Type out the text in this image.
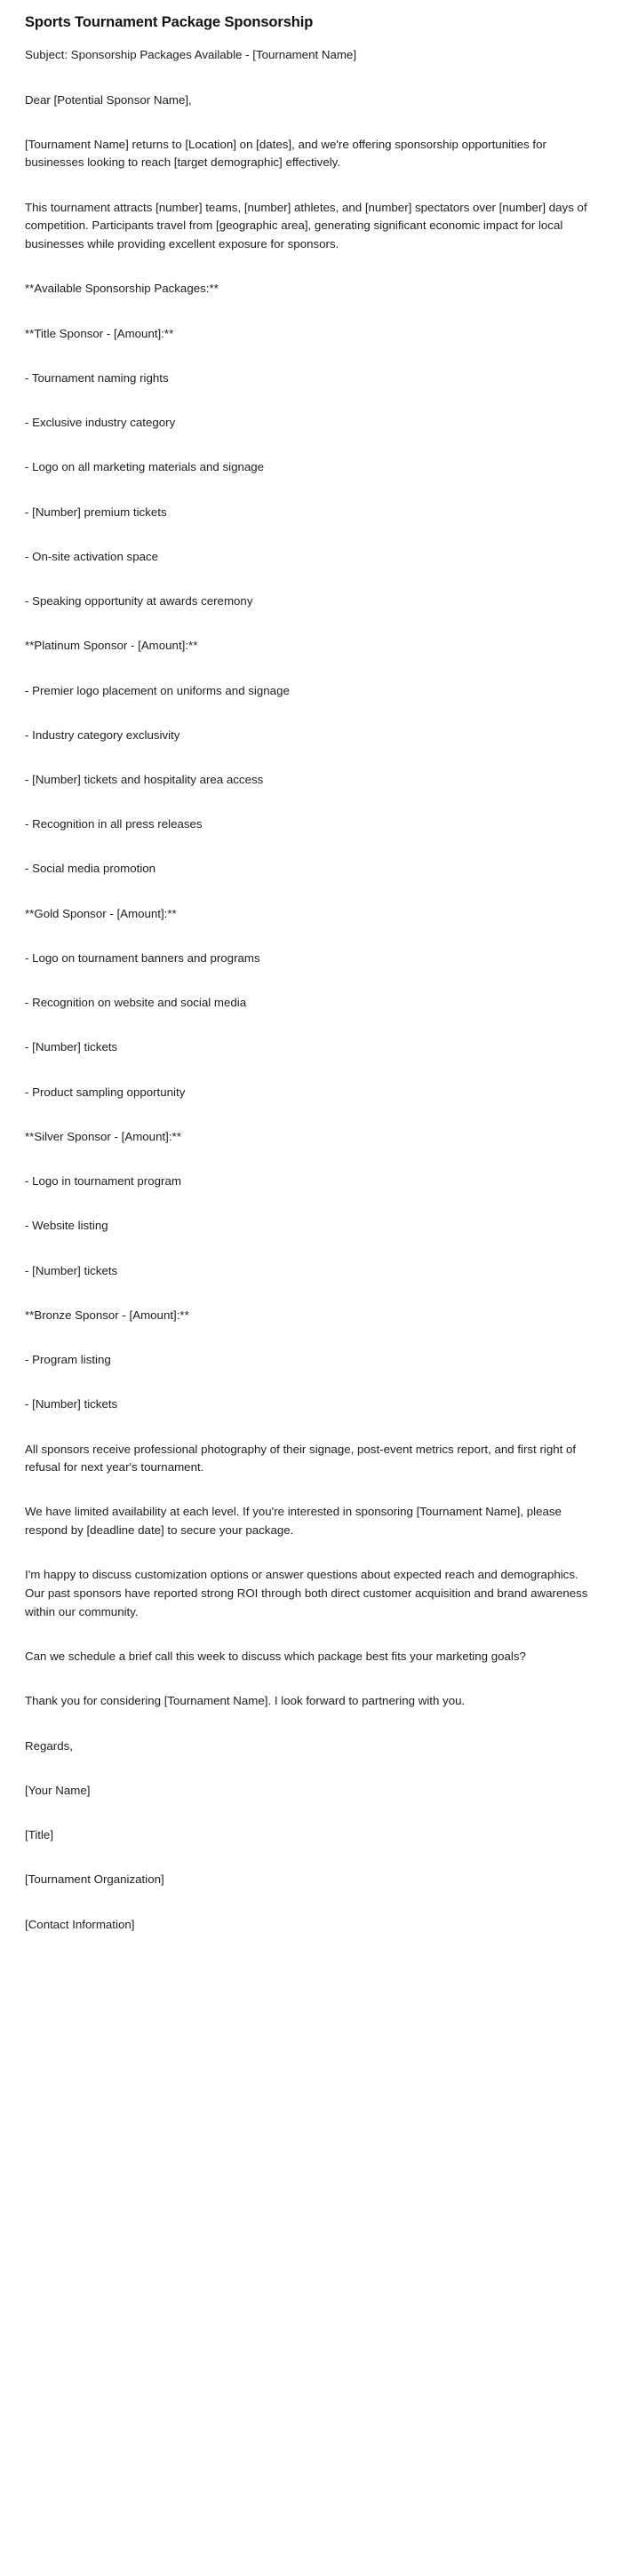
Sports Tournament Package Sponsorship

Subject: Sponsorship Packages Available - [Tournament Name]

Dear [Potential Sponsor Name],

[Tournament Name] returns to [Location] on [dates], and we're offering sponsorship opportunities for businesses looking to reach [target demographic] effectively.

This tournament attracts [number] teams, [number] athletes, and [number] spectators over [number] days of competition. Participants travel from [geographic area], generating significant economic impact for local businesses while providing excellent exposure for sponsors.

**Available Sponsorship Packages:**

**Title Sponsor - [Amount]:**

- Tournament naming rights

- Exclusive industry category

- Logo on all marketing materials and signage

- [Number] premium tickets

- On-site activation space

- Speaking opportunity at awards ceremony

**Platinum Sponsor - [Amount]:**

- Premier logo placement on uniforms and signage

- Industry category exclusivity

- [Number] tickets and hospitality area access

- Recognition in all press releases

- Social media promotion

**Gold Sponsor - [Amount]:**

- Logo on tournament banners and programs

- Recognition on website and social media

- [Number] tickets

- Product sampling opportunity

**Silver Sponsor - [Amount]:**

- Logo in tournament program

- Website listing

- [Number] tickets

**Bronze Sponsor - [Amount]:**

- Program listing

- [Number] tickets

All sponsors receive professional photography of their signage, post-event metrics report, and first right of refusal for next year's tournament.

We have limited availability at each level. If you're interested in sponsoring [Tournament Name], please respond by [deadline date] to secure your package.

I'm happy to discuss customization options or answer questions about expected reach and demographics. Our past sponsors have reported strong ROI through both direct customer acquisition and brand awareness within our community.

Can we schedule a brief call this week to discuss which package best fits your marketing goals?

Thank you for considering [Tournament Name]. I look forward to partnering with you.

Regards,

[Your Name]

[Title]

[Tournament Organization]

[Contact Information]
